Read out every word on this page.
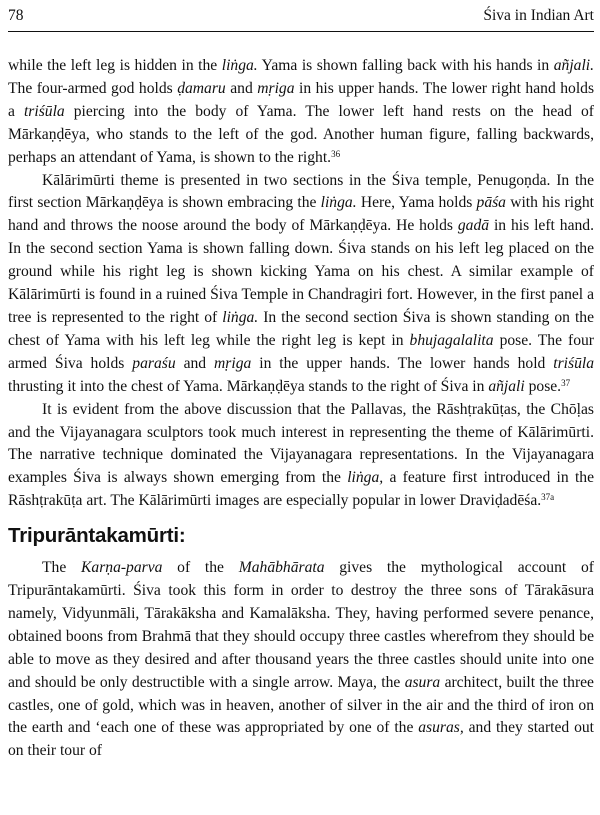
78	Śiva in Indian Art

while the left leg is hidden in the liṅga. Yama is shown falling back with his hands in añjali. The four-armed god holds ḍamaru and mṛiga in his upper hands. The lower right hand holds a triśūla piercing into the body of Yama. The lower left hand rests on the head of Mārkaṇḍēya, who stands to the left of the god. Another human figure, falling backwards, perhaps an attendant of Yama, is shown to the right.$^{36}$

Kālārimūrti theme is presented in two sections in the Śiva temple, Penugoṇda. In the first section Mārkaṇḍēya is shown embracing the liṅga. Here, Yama holds pāśa with his right hand and throws the noose around the body of Mārkaṇḍēya. He holds gadā in his left hand. In the second section Yama is shown falling down. Śiva stands on his left leg placed on the ground while his right leg is shown kicking Yama on his chest. A similar example of Kālārimūrti is found in a ruined Śiva Temple in Chandragiri fort. However, in the first panel a tree is represented to the right of liṅga. In the second section Śiva is shown standing on the chest of Yama with his left leg while the right leg is kept in bhujagalalita pose. The four armed Śiva holds paraśu and mṛiga in the upper hands. The lower hands hold triśūla thrusting it into the chest of Yama. Mārkaṇḍēya stands to the right of Śiva in añjali pose.$^{37}$

It is evident from the above discussion that the Pallavas, the Rāshṭrakūṭas, the Chōḷas and the Vijayanagara sculptors took much interest in representing the theme of Kālārimūrti. The narrative technique dominated the Vijayanagara representations. In the Vijayanagara examples Śiva is always shown emerging from the liṅga, a feature first introduced in the Rāshṭrakūṭa art. The Kālārimūrti images are especially popular in lower Draviḍadēśa.$^{37a}$

Tripurāntakamūrti:

The Karṇa-parva of the Mahābhārata gives the mythological account of Tripurāntakamūrti. Śiva took this form in order to destroy the three sons of Tārakāsura namely, Vidyunmāli, Tārakāksha and Kamalāksha. They, having performed severe penance, obtained boons from Brahmā that they should occupy three castles wherefrom they should be able to move as they desired and after thousand years the three castles should unite into one and should be only destructible with a single arrow. Maya, the asura architect, built the three castles, one of gold, which was in heaven, another of silver in the air and the third of iron on the earth and ‘each one of these was appropriated by one of the asuras, and they started out on their tour of
